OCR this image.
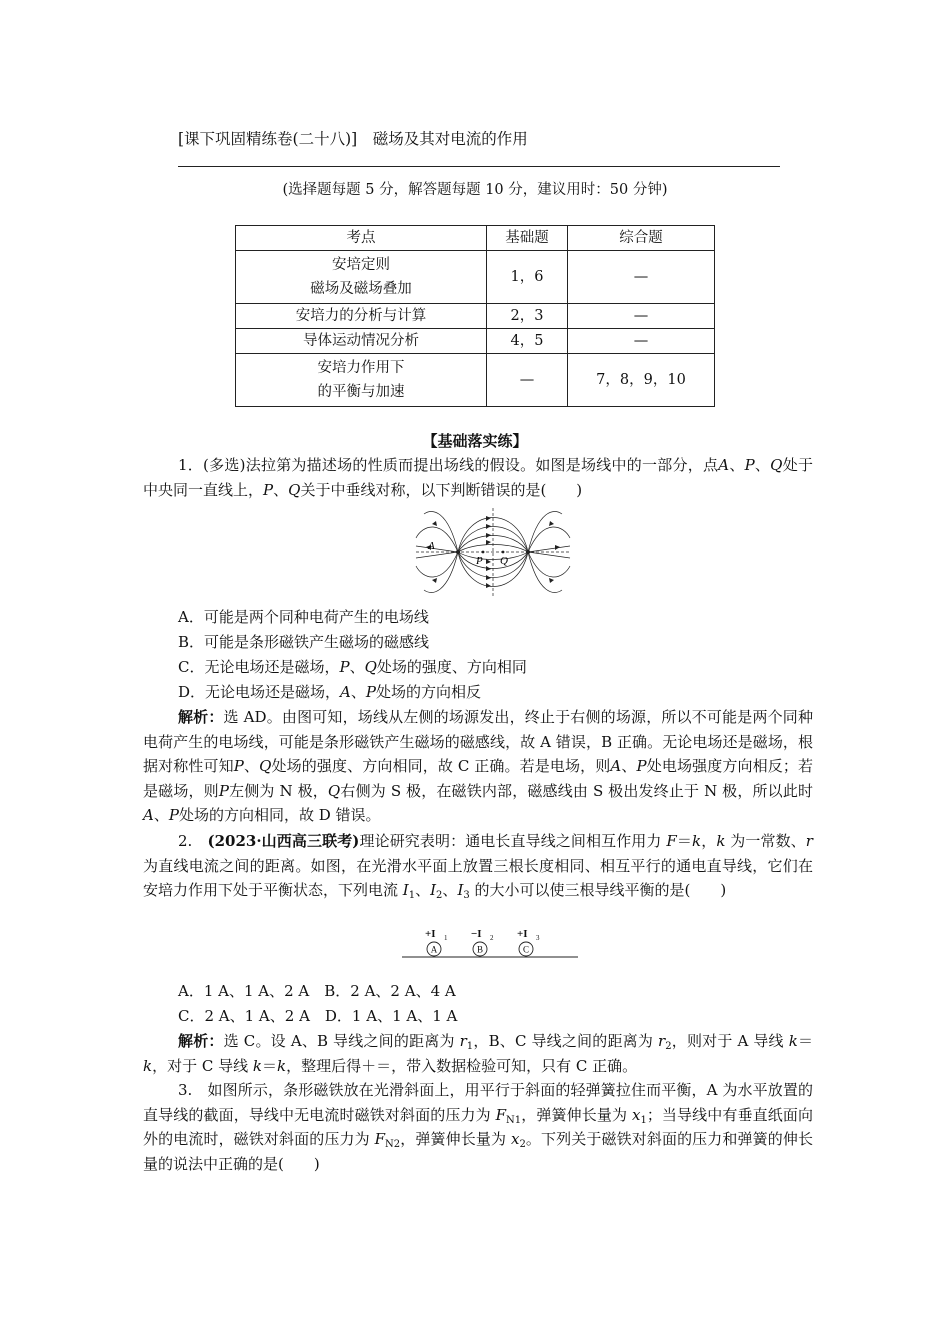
[课下巩固精练卷(二十八)]　磁场及其对电流的作用
(选择题每题 5 分，解答题每题 10 分，建议用时：50 分钟)
考点	基础题	综合题

安培定则
磁场及磁场叠加	1，6	—
安培力的分析与计算	2，3	—
导体运动情况分析	4，5	—

安培力作用下
的平衡与加速	—	7，8，9，10
【基础落实练】
1．(多选)法拉第为描述场的性质而提出场线的假设。如图是场线中的一部分，点A、P、Q处于中央同一直线上，P、Q关于中垂线对称，以下判断错误的是(　　)
A
P Q
A．可能是两个同种电荷产生的电场线
B．可能是条形磁铁产生磁场的磁感线
C．无论电场还是磁场，P、Q处场的强度、方向相同
D．无论电场还是磁场，A、P处场的方向相反
解析：选 AD。由图可知，场线从左侧的场源发出，终止于右侧的场源，所以不可能是两个同种电荷产生的电场线，可能是条形磁铁产生磁场的磁感线，故 A 错误，B 正确。无论电场还是磁场，根据对称性可知P、Q处场的强度、方向相同，故 C 正确。若是电场，则A、P处电场强度方向相反；若是磁场，则P左侧为 N 极，Q右侧为 S 极，在磁铁内部，磁感线由 S 极出发终止于 N 极，所以此时A、P处场的方向相同，故 D 错误。
2.　(2023·山西高三联考)理论研究表明：通电长直导线之间相互作用力 F＝k，k 为一常数、r 为直线电流之间的距离。如图，在光滑水平面上放置三根长度相同、相互平行的通电直导线，它们在安培力作用下处于平衡状态，下列电流 $I_1$、$I_2$、$I_3$ 的大小可以使三根导线平衡的是(　　)
+I 1 −I 2 +I 3
A	B	C
A．1 A、1 A、2 A　B．2 A、2 A、4 A
C．2 A、1 A、2 A　D．1 A、1 A、1 A
解析：选 C。设 A、B 导线之间的距离为 $r_1$，B、C 导线之间的距离为 $r_2$，则对于 A 导线 k＝k，对于 C 导线 k＝k，整理后得＋＝，带入数据检验可知，只有 C 正确。
3.　如图所示，条形磁铁放在光滑斜面上，用平行于斜面的轻弹簧拉住而平衡，A 为水平放置的直导线的截面，导线中无电流时磁铁对斜面的压力为 $F_{N1}$，弹簧伸长量为 $x_1$；当导线中有垂直纸面向外的电流时，磁铁对斜面的压力为 $F_{N2}$，弹簧伸长量为 $x_2$。下列关于磁铁对斜面的压力和弹簧的伸长量的说法中正确的是(　　)
